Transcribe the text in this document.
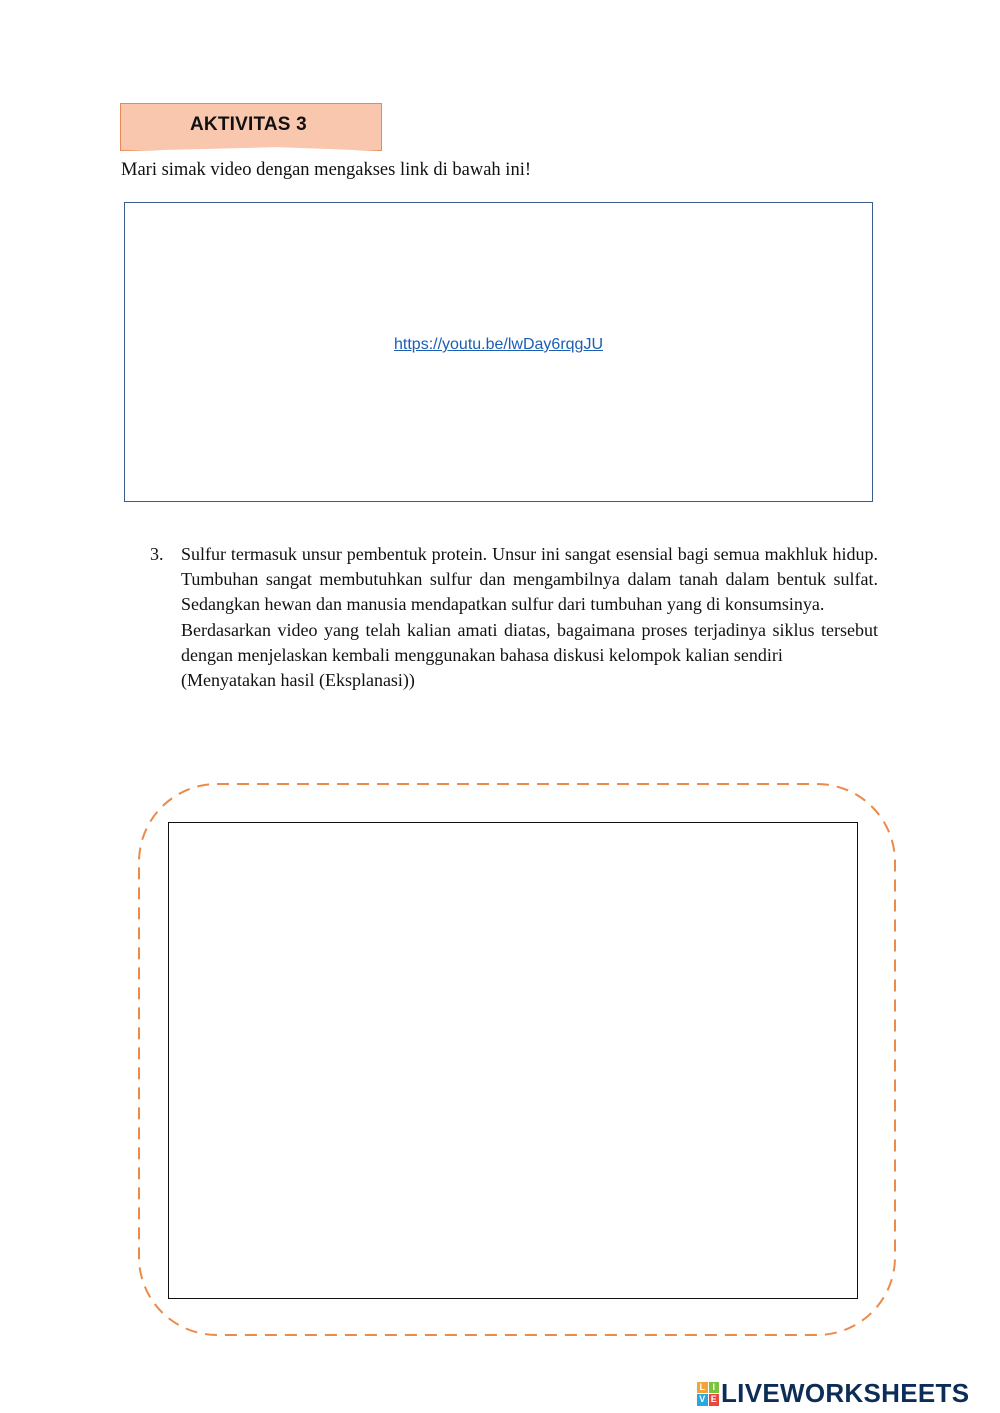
AKTIVITAS 3
Mari simak video dengan mengakses link di bawah ini!
https://youtu.be/lwDay6rqgJU
3. Sulfur termasuk unsur pembentuk protein. Unsur ini sangat esensial bagi semua makhluk hidup. Tumbuhan sangat membutuhkan sulfur dan mengambilnya dalam tanah dalam bentuk sulfat. Sedangkan hewan dan manusia mendapatkan sulfur dari tumbuhan yang di konsumsinya.

Berdasarkan video yang telah kalian amati diatas, bagaimana proses terjadinya siklus tersebut dengan menjelaskan kembali menggunakan bahasa diskusi kelompok kalian sendiri

(Menyatakan hasil (Eksplanasi))

L I
V E LIVEWORKSHEETS
